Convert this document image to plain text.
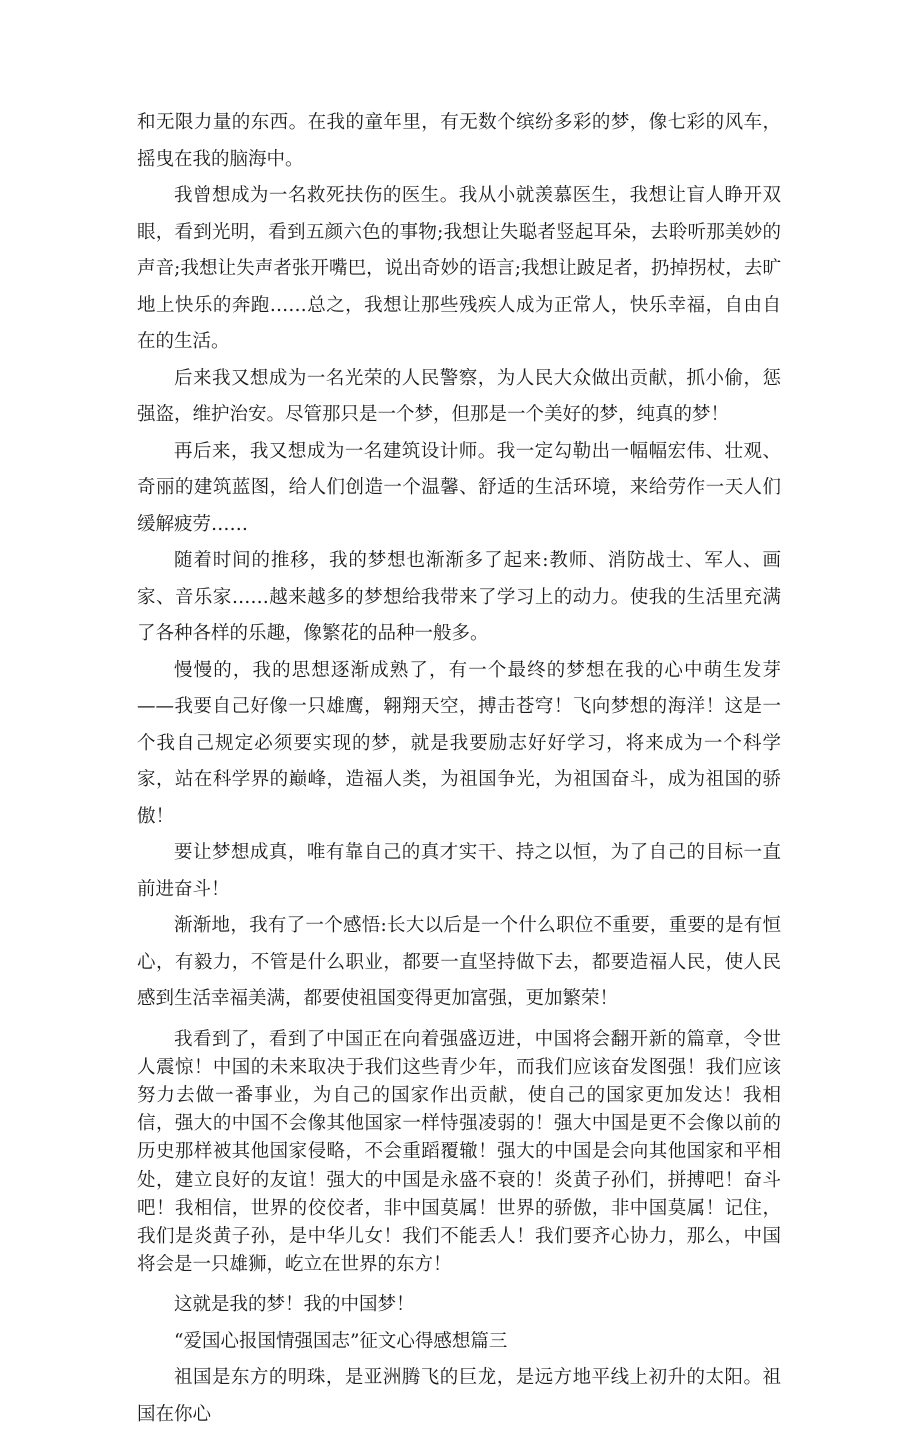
和无限力量的东西。在我的童年里，有无数个缤纷多彩的梦，像七彩的风车，摇曳在我的脑海中。

我曾想成为一名救死扶伤的医生。我从小就羡慕医生，我想让盲人睁开双眼，看到光明，看到五颜六色的事物;我想让失聪者竖起耳朵，去聆听那美妙的声音;我想让失声者张开嘴巴，说出奇妙的语言;我想让跛足者，扔掉拐杖，去旷地上快乐的奔跑……总之，我想让那些残疾人成为正常人，快乐幸福，自由自在的生活。

后来我又想成为一名光荣的人民警察，为人民大众做出贡献，抓小偷，惩强盗，维护治安。尽管那只是一个梦，但那是一个美好的梦，纯真的梦！

再后来，我又想成为一名建筑设计师。我一定勾勒出一幅幅宏伟、壮观、奇丽的建筑蓝图，给人们创造一个温馨、舒适的生活环境，来给劳作一天人们缓解疲劳……

随着时间的推移，我的梦想也渐渐多了起来:教师、消防战士、军人、画家、音乐家……越来越多的梦想给我带来了学习上的动力。使我的生活里充满了各种各样的乐趣，像繁花的品种一般多。

慢慢的，我的思想逐渐成熟了，有一个最终的梦想在我的心中萌生发芽——我要自己好像一只雄鹰，翱翔天空，搏击苍穹！飞向梦想的海洋！这是一个我自己规定必须要实现的梦，就是我要励志好好学习，将来成为一个科学家，站在科学界的巅峰，造福人类，为祖国争光，为祖国奋斗，成为祖国的骄傲！

要让梦想成真，唯有靠自己的真才实干、持之以恒，为了自己的目标一直前进奋斗！

渐渐地，我有了一个感悟:长大以后是一个什么职位不重要，重要的是有恒心，有毅力，不管是什么职业，都要一直坚持做下去，都要造福人民，使人民感到生活幸福美满，都要使祖国变得更加富强，更加繁荣！

我看到了，看到了中国正在向着强盛迈进，中国将会翻开新的篇章，令世人震惊！中国的未来取决于我们这些青少年，而我们应该奋发图强！我们应该努力去做一番事业，为自己的国家作出贡献，使自己的国家更加发达！我相信，强大的中国不会像其他国家一样恃强凌弱的！强大中国是更不会像以前的历史那样被其他国家侵略，不会重蹈覆辙！强大的中国是会向其他国家和平相处，建立良好的友谊！强大的中国是永盛不衰的！炎黄子孙们，拼搏吧！奋斗吧！我相信，世界的佼佼者，非中国莫属！世界的骄傲，非中国莫属！记住，我们是炎黄子孙，是中华儿女！我们不能丢人！我们要齐心协力，那么，中国将会是一只雄狮，屹立在世界的东方！

这就是我的梦！我的中国梦！

“爱国心报国情强国志”征文心得感想篇三

祖国是东方的明珠，是亚洲腾飞的巨龙，是远方地平线上初升的太阳。祖国在你心
